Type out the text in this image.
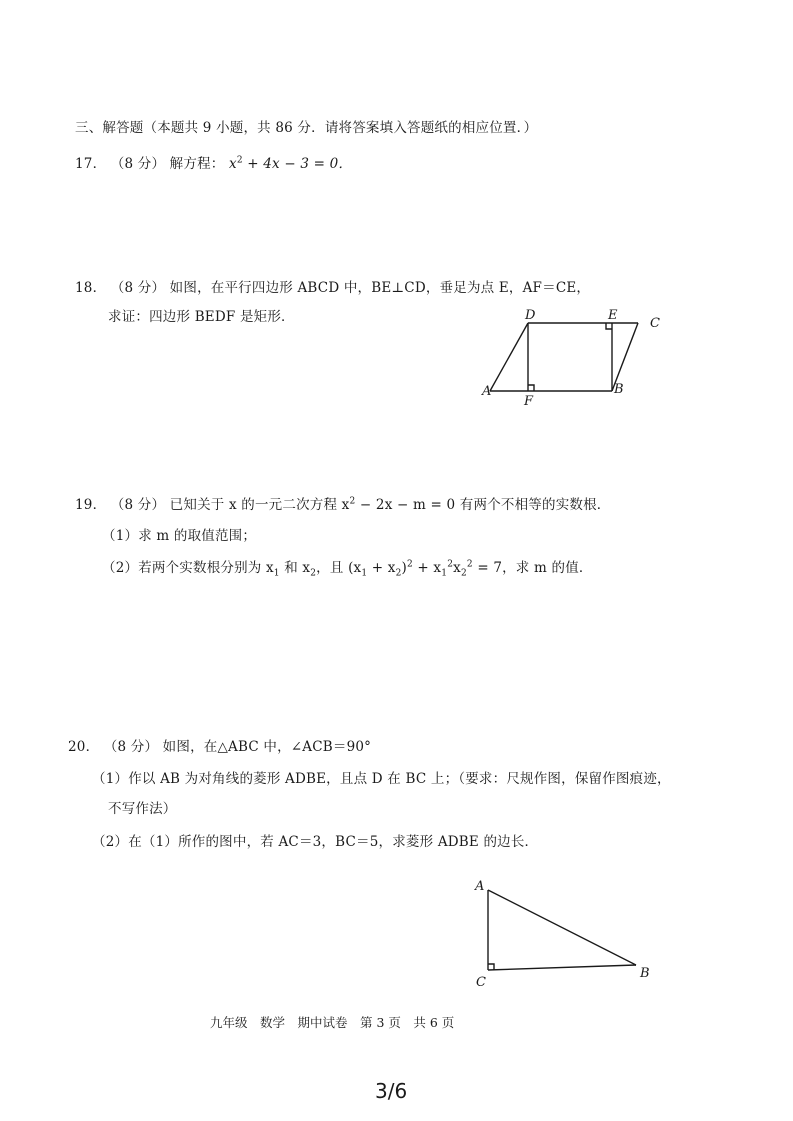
三、解答题（本题共 9 小题，共 86 分．请将答案填入答题纸的相应位置．）
17． （8 分） 解方程： $x^2 + 4x - 3 = 0$．
18． （8 分） 如图，在平行四边形 ABCD 中，BE⊥CD，垂足为点 E，AF＝CE，
求证：四边形 BEDF 是矩形．	D	E
C
A
F
B
19． （8 分） 已知关于 x 的一元二次方程 $x^2 - 2x - m = 0$ 有两个不相等的实数根．
（1）求 m 的取值范围；
（2）若两个实数根分别为 $x_1$ 和 $x_2$，且 $(x_1 + x_2)^2 + x_1^2x_2^2 = 7$，求 m 的值．
20． （8 分） 如图，在△ABC 中，∠ACB＝90°
（1）作以 AB 为对角线的菱形 ADBE，且点 D 在 BC 上；（要求：尺规作图，保留作图痕迹，
不写作法）
（2）在（1）所作的图中，若 AC＝3，BC＝5，求菱形 ADBE 的边长．
A
C
B
九年级　数学　期中试卷　第 3 页　共 6 页
3/6
